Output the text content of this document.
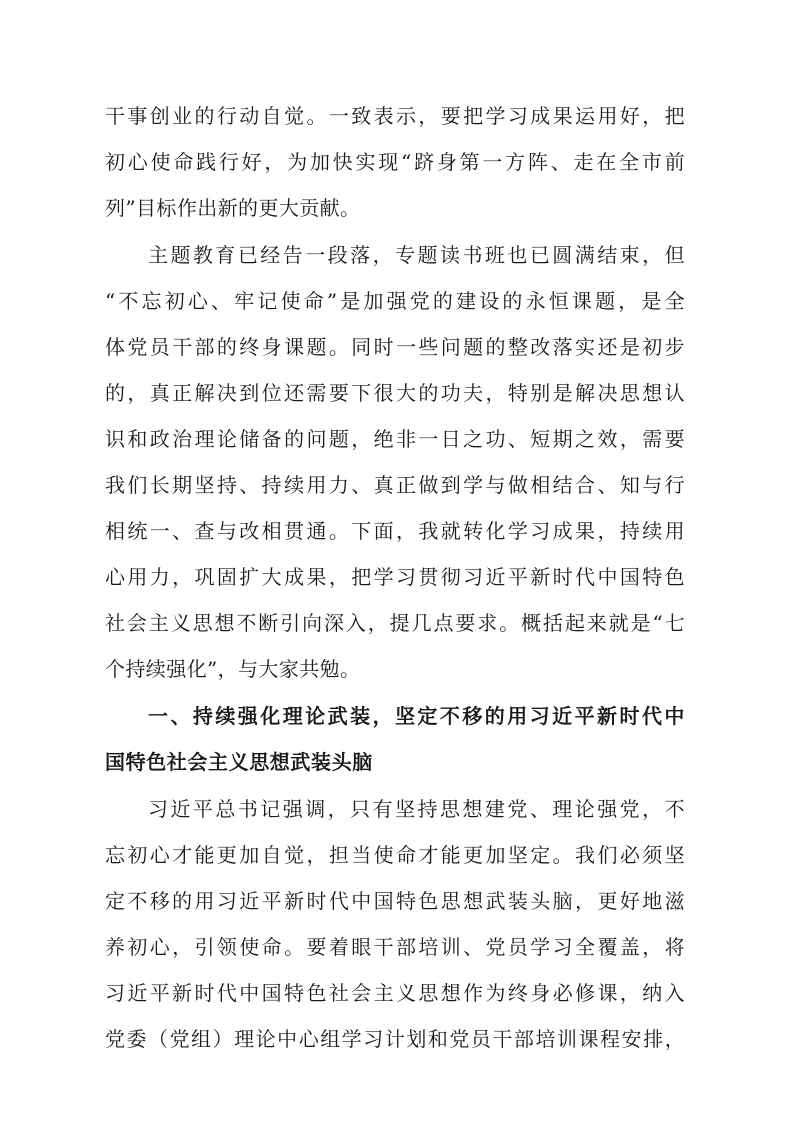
干事创业的行动自觉。一致表示，要把学习成果运用好，把
初心使命践行好，为加快实现“跻身第一方阵、走在全市前
列”目标作出新的更大贡献。
主题教育已经告一段落，专题读书班也已圆满结束，但
“不忘初心、牢记使命”是加强党的建设的永恒课题，是全
体党员干部的终身课题。同时一些问题的整改落实还是初步
的，真正解决到位还需要下很大的功夫，特别是解决思想认
识和政治理论储备的问题，绝非一日之功、短期之效，需要
我们长期坚持、持续用力、真正做到学与做相结合、知与行
相统一、查与改相贯通。下面，我就转化学习成果，持续用
心用力，巩固扩大成果，把学习贯彻习近平新时代中国特色
社会主义思想不断引向深入，提几点要求。概括起来就是“七
个持续强化”，与大家共勉。
一、持续强化理论武装，坚定不移的用习近平新时代中
国特色社会主义思想武装头脑
习近平总书记强调，只有坚持思想建党、理论强党，不
忘初心才能更加自觉，担当使命才能更加坚定。我们必须坚
定不移的用习近平新时代中国特色思想武装头脑，更好地滋
养初心，引领使命。要着眼干部培训、党员学习全覆盖，将
习近平新时代中国特色社会主义思想作为终身必修课，纳入
党委（党组）理论中心组学习计划和党员干部培训课程安排，
